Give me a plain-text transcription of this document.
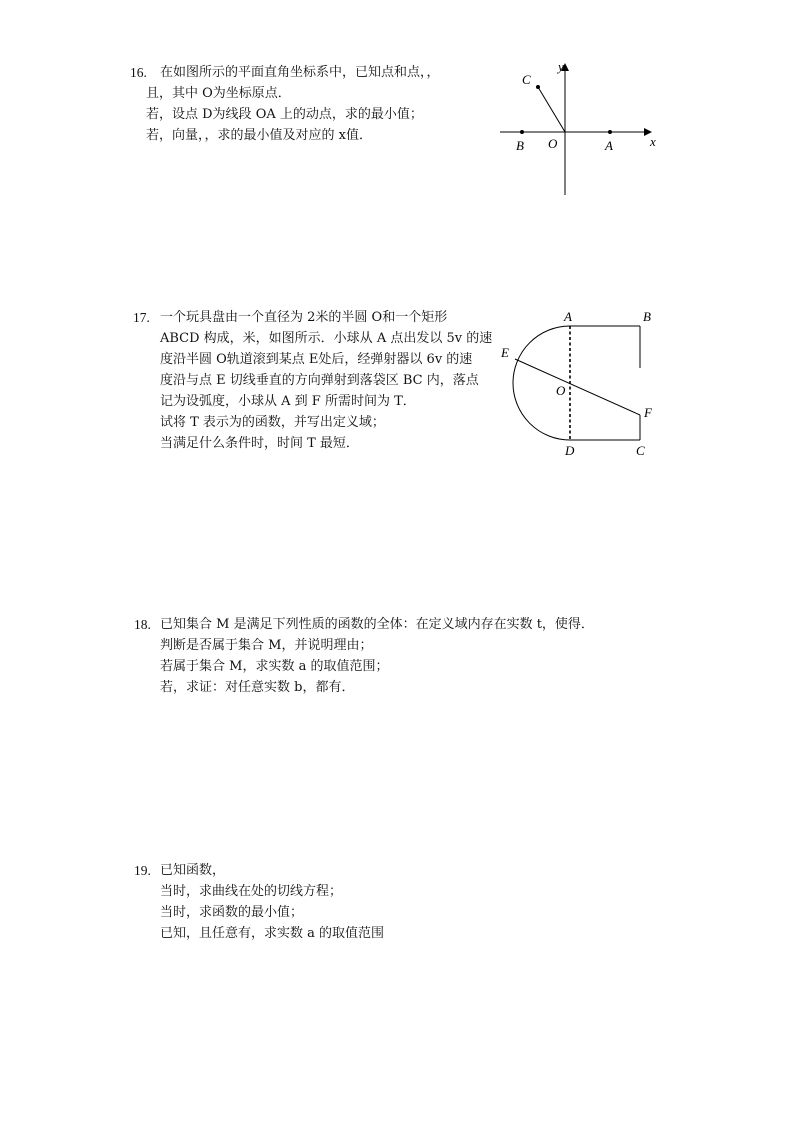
16. 在如图所示的平面直角坐标系中，已知点和点，，
且，其中 O为坐标原点．
若，设点 D为线段 OA 上的动点，求的最小值；
若，向量，，求的最小值及对应的 x值．
y
x
C
B O	A
17. 一个玩具盘由一个直径为 2米的半圆 O和一个矩形
ABCD 构成，米，如图所示．小球从 A 点出发以 5v 的速
度沿半圆 O轨道滚到某点 E处后，经弹射器以 6v 的速
度沿与点 E 切线垂直的方向弹射到落袋区 BC 内，落点
记为设弧度，小球从 A 到 F 所需时间为 T．
试将 T 表示为的函数，并写出定义域；
当满足什么条件时，时间 T 最短．
A	B
E
O
F
D	C
18. 已知集合 M 是满足下列性质的函数的全体：在定义域内存在实数 t，使得．
判断是否属于集合 M，并说明理由；
若属于集合 M，求实数 a 的取值范围；
若，求证：对任意实数 b，都有．
19. 已知函数，
当时，求曲线在处的切线方程；
当时，求函数的最小值；
已知，且任意有，求实数 a 的取值范围
